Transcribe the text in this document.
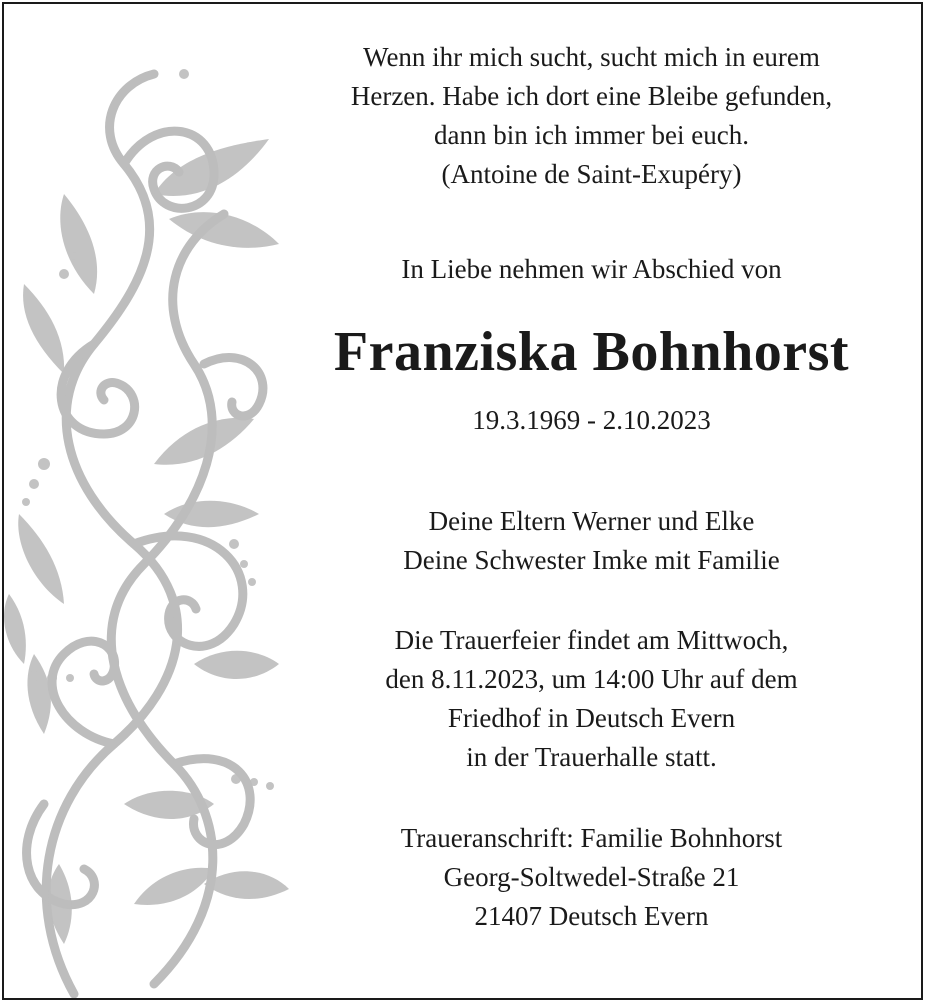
Wenn ihr mich sucht, sucht mich in eurem
Herzen. Habe ich dort eine Bleibe gefunden,
dann bin ich immer bei euch.
(Antoine de Saint-Exupéry)
In Liebe nehmen wir Abschied von
Franziska Bohnhorst
19.3.1969 - 2.10.2023
Deine Eltern Werner und Elke
Deine Schwester Imke mit Familie
Die Trauerfeier findet am Mittwoch,
den 8.11.2023, um 14:00 Uhr auf dem
Friedhof in Deutsch Evern
in der Trauerhalle statt.
Traueranschrift: Familie Bohnhorst
Georg-Soltwedel-Straße 21
21407 Deutsch Evern
